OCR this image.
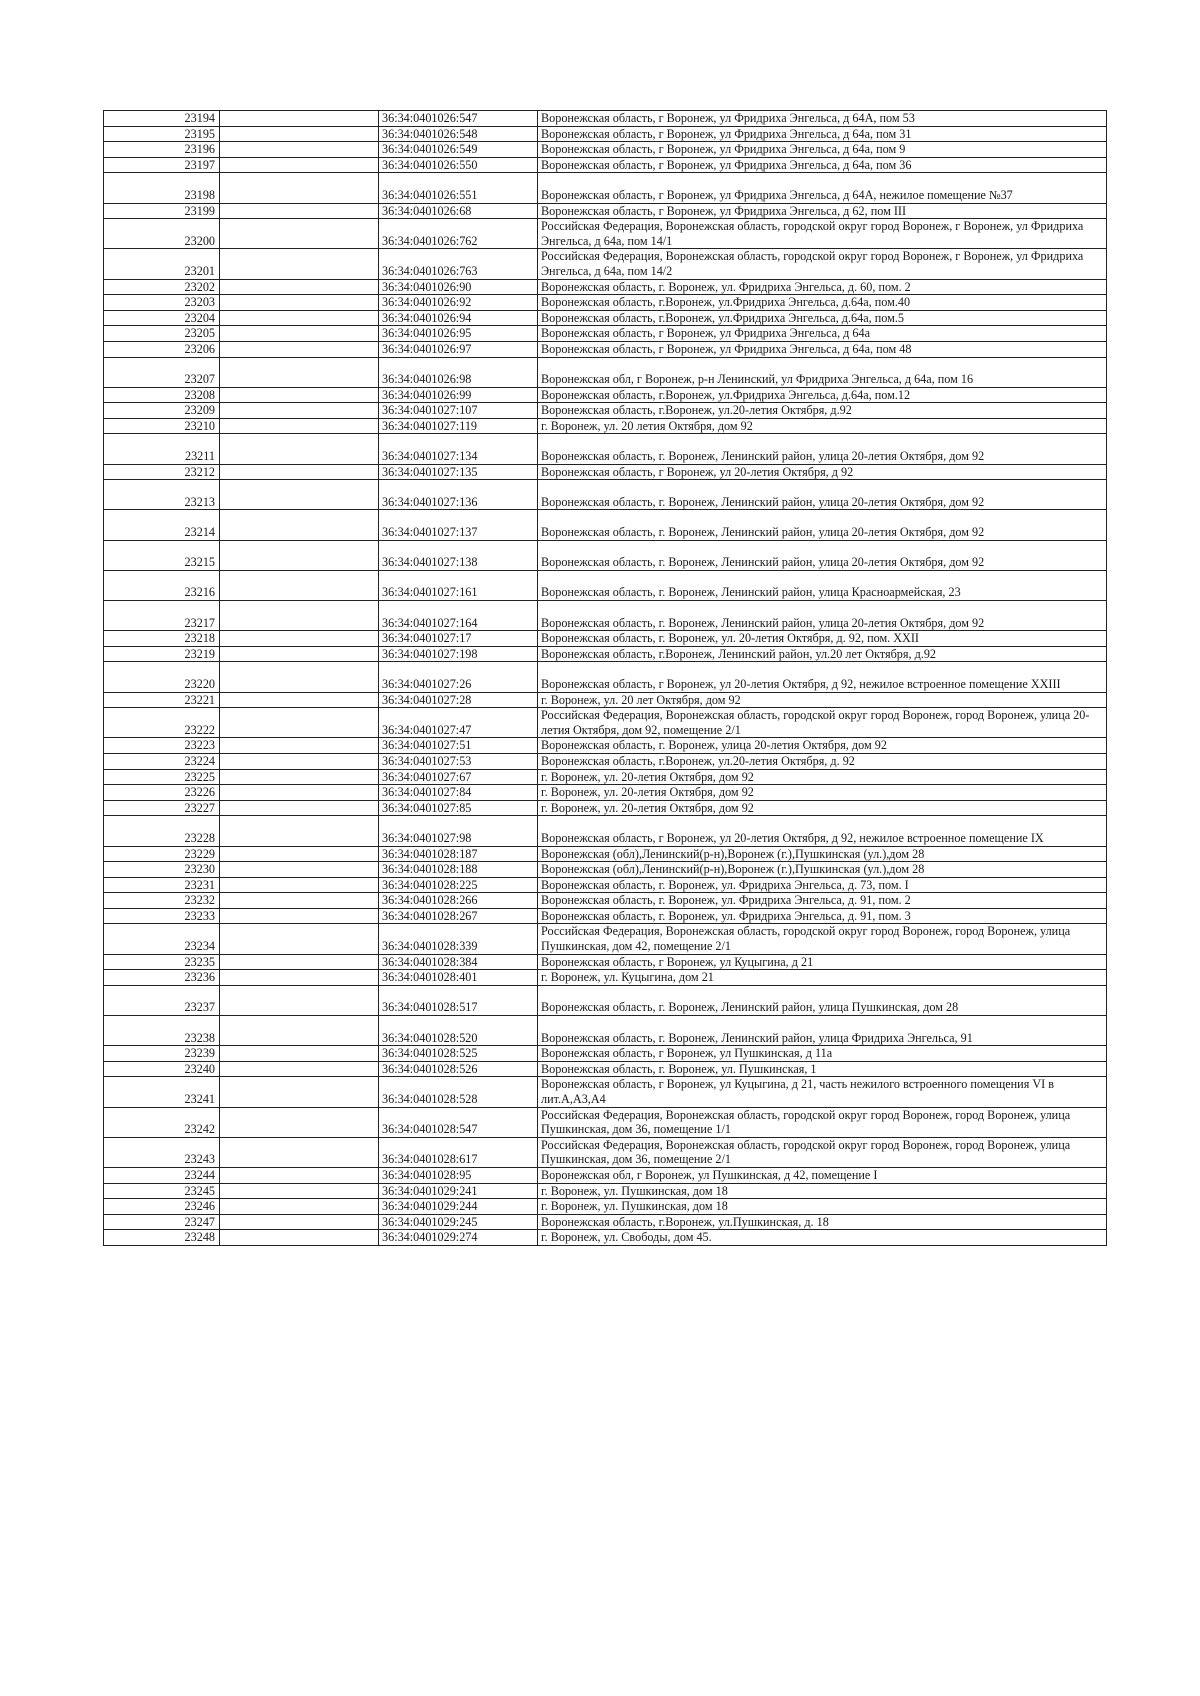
23194		36:34:0401026:547	Воронежская область, г Воронеж, ул Фридриха Энгельса, д 64А, пом 53
23195		36:34:0401026:548	Воронежская область, г Воронеж, ул Фридриха Энгельса, д 64а, пом 31
23196		36:34:0401026:549	Воронежская область, г Воронеж, ул Фридриха Энгельса, д 64а, пом 9
23197		36:34:0401026:550	Воронежская область, г Воронеж, ул Фридриха Энгельса, д 64а, пом 36
23198		36:34:0401026:551	Воронежская область, г Воронеж, ул Фридриха Энгельса, д 64А, нежилое помещение №37
23199		36:34:0401026:68	Воронежская область, г Воронеж, ул Фридриха Энгельса, д 62, пом III
23200		36:34:0401026:762	Российская Федерация, Воронежская область, городской округ город Воронеж, г Воронеж, ул Фридриха Энгельса, д 64а, пом 14/1
23201		36:34:0401026:763	Российская Федерация, Воронежская область, городской округ город Воронеж, г Воронеж, ул Фридриха Энгельса, д 64а, пом 14/2
23202		36:34:0401026:90	Воронежская область, г. Воронеж, ул. Фридриха Энгельса, д. 60, пом. 2
23203		36:34:0401026:92	Воронежская область, г.Воронеж, ул.Фридриха Энгельса, д.64а, пом.40
23204		36:34:0401026:94	Воронежская область, г.Воронеж, ул.Фридриха Энгельса, д.64а, пом.5
23205		36:34:0401026:95	Воронежская область, г Воронеж, ул Фридриха Энгельса, д 64а
23206		36:34:0401026:97	Воронежская область, г Воронеж, ул Фридриха Энгельса, д 64а, пом 48
23207		36:34:0401026:98	Воронежская обл, г Воронеж, р-н Ленинский, ул Фридриха Энгельса, д 64а, пом 16
23208		36:34:0401026:99	Воронежская область, г.Воронеж, ул.Фридриха Энгельса, д.64а, пом.12
23209		36:34:0401027:107	Воронежская область, г.Воронеж, ул.20-летия Октября, д.92
23210		36:34:0401027:119	г. Воронеж, ул. 20 летия Октября, дом 92
23211		36:34:0401027:134	Воронежская область, г. Воронеж, Ленинский район, улица 20-летия Октября, дом 92
23212		36:34:0401027:135	Воронежская область, г Воронеж, ул 20-летия Октября, д 92
23213		36:34:0401027:136	Воронежская область, г. Воронеж, Ленинский район, улица 20-летия Октября, дом 92
23214		36:34:0401027:137	Воронежская область, г. Воронеж, Ленинский район, улица 20-летия Октября, дом 92
23215		36:34:0401027:138	Воронежская область, г. Воронеж, Ленинский район, улица 20-летия Октября, дом 92
23216		36:34:0401027:161	Воронежская область, г. Воронеж, Ленинский район, улица Красноармейская, 23
23217		36:34:0401027:164	Воронежская область, г. Воронеж, Ленинский район, улица 20-летия Октября, дом 92
23218		36:34:0401027:17	Воронежская область, г. Воронеж, ул. 20-летия Октября, д. 92, пом. XXII
23219		36:34:0401027:198	Воронежская область, г.Воронеж, Ленинский район, ул.20 лет Октября, д.92
23220		36:34:0401027:26	Воронежская область, г Воронеж, ул 20-летия Октября, д 92, нежилое встроенное помещение XXIII
23221		36:34:0401027:28	г. Воронеж, ул. 20 лет Октября, дом 92
23222		36:34:0401027:47	Российская Федерация, Воронежская область, городской округ город Воронеж, город Воронеж, улица 20-летия Октября, дом 92, помещение 2/1
23223		36:34:0401027:51	Воронежская область, г. Воронеж, улица 20-летия Октября, дом 92
23224		36:34:0401027:53	Воронежская область, г.Воронеж, ул.20-летия Октября, д. 92
23225		36:34:0401027:67	г. Воронеж, ул. 20-летия Октября, дом 92
23226		36:34:0401027:84	г. Воронеж, ул. 20-летия Октября, дом 92
23227		36:34:0401027:85	г. Воронеж, ул. 20-летия Октября, дом 92
23228		36:34:0401027:98	Воронежская область, г Воронеж, ул 20-летия Октября, д 92, нежилое встроенное помещение IX
23229		36:34:0401028:187	Воронежская (обл),Ленинский(р-н),Воронеж (г.),Пушкинская (ул.),дом 28
23230		36:34:0401028:188	Воронежская (обл),Ленинский(р-н),Воронеж (г.),Пушкинская (ул.),дом 28
23231		36:34:0401028:225	Воронежская область, г. Воронеж, ул. Фридриха Энгельса, д. 73, пом. I
23232		36:34:0401028:266	Воронежская область, г. Воронеж, ул. Фридриха Энгельса, д. 91, пом. 2
23233		36:34:0401028:267	Воронежская область, г. Воронеж, ул. Фридриха Энгельса, д. 91, пом. 3
23234		36:34:0401028:339	Российская Федерация, Воронежская область, городской округ город Воронеж, город Воронеж, улица Пушкинская, дом 42, помещение 2/1
23235		36:34:0401028:384	Воронежская область, г Воронеж, ул Куцыгина, д 21
23236		36:34:0401028:401	г. Воронеж, ул. Куцыгина, дом 21
23237		36:34:0401028:517	Воронежская область, г. Воронеж, Ленинский район, улица Пушкинская, дом 28
23238		36:34:0401028:520	Воронежская область, г. Воронеж, Ленинский район, улица Фридриха Энгельса, 91
23239		36:34:0401028:525	Воронежская область, г Воронеж, ул Пушкинская, д 11а
23240		36:34:0401028:526	Воронежская область, г. Воронеж, ул. Пушкинская, 1
23241		36:34:0401028:528	Воронежская область, г Воронеж, ул Куцыгина, д 21, часть нежилого встроенного помещения VI в лит.А,А3,А4
23242		36:34:0401028:547	Российская Федерация, Воронежская область, городской округ город Воронеж, город Воронеж, улица Пушкинская, дом 36, помещение 1/1
23243		36:34:0401028:617	Российская Федерация, Воронежская область, городской округ город Воронеж, город Воронеж, улица Пушкинская, дом 36, помещение 2/1
23244		36:34:0401028:95	Воронежская обл, г Воронеж, ул Пушкинская, д 42, помещение I
23245		36:34:0401029:241	г. Воронеж, ул. Пушкинская, дом 18
23246		36:34:0401029:244	г. Воронеж, ул. Пушкинская, дом 18
23247		36:34:0401029:245	Воронежская область, г.Воронеж, ул.Пушкинская, д. 18
23248		36:34:0401029:274	г. Воронеж, ул. Свободы, дом 45.
